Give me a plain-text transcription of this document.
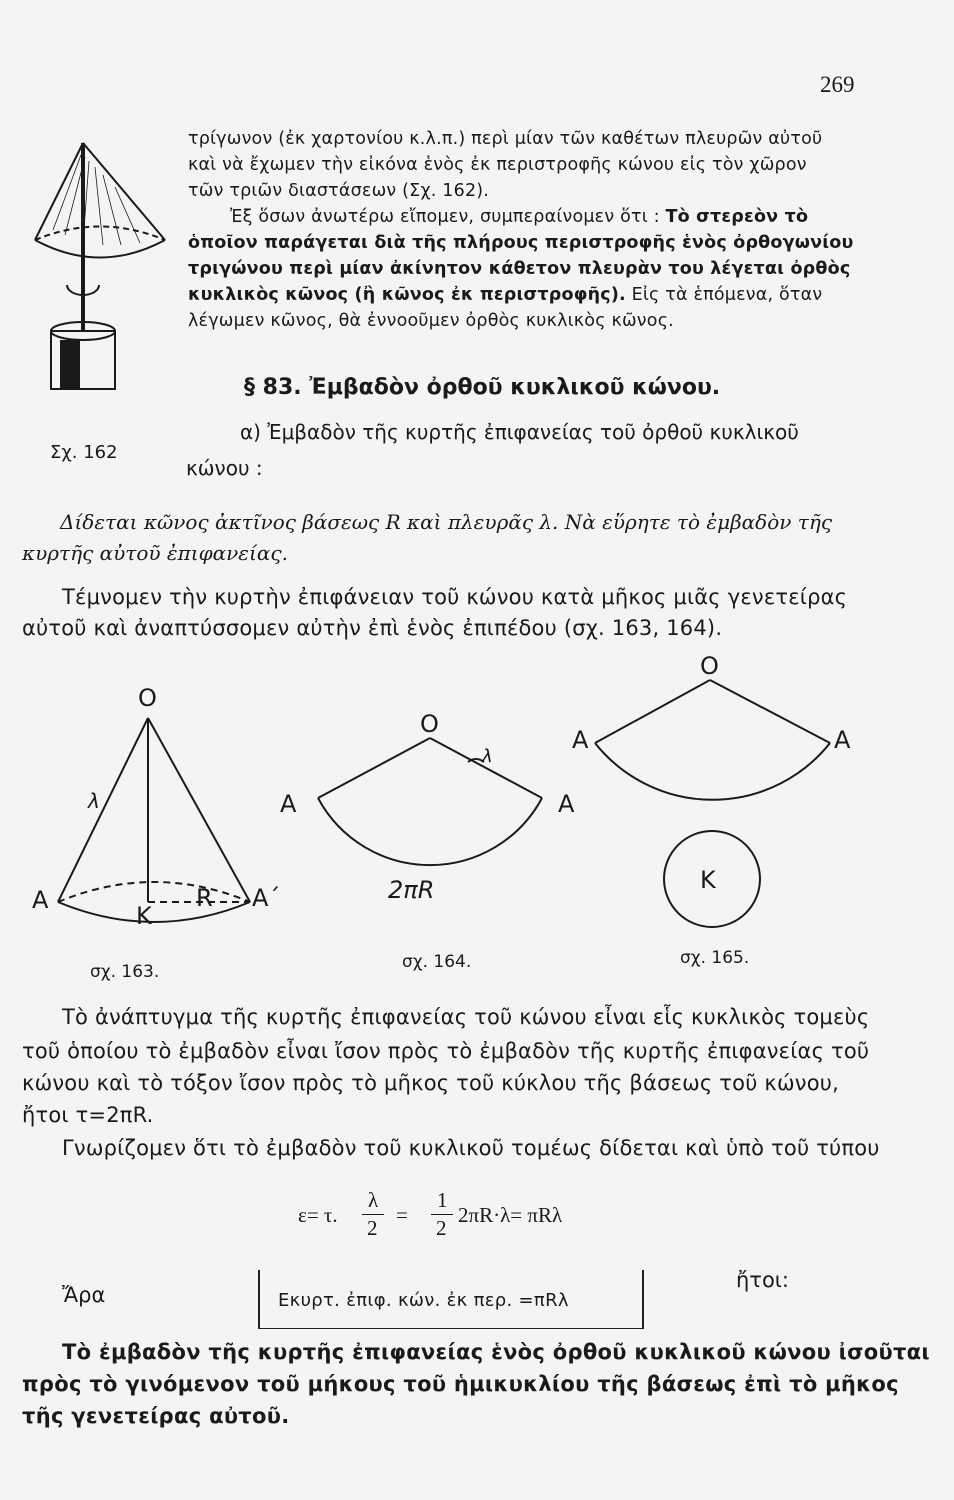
269
τρίγωνον (ἐκ χαρτονίου κ.λ.π.) περὶ μίαν τῶν καθέτων πλευρῶν αὐτοῦ
καὶ νὰ ἔχωμεν τὴν εἰκόνα ἑνὸς ἐκ περιστροφῆς κώνου εἰς τὸν χῶρον
τῶν τριῶν διαστάσεων (Σχ. 162).
Ἐξ ὅσων ἀνωτέρω εἴπομεν, συμπεραίνομεν ὅτι : Τὸ στερεὸν τὸ
ὁποῖον παράγεται διὰ τῆς πλήρους περιστροφῆς ἑνὸς ὀρθογωνίου
τριγώνου περὶ μίαν ἀκίνητον κάθετον πλευρὰν του λέγεται ὀρθὸς
κυκλικὸς κῶνος (ἢ κῶνος ἐκ περιστροφῆς). Εἰς τὰ ἑπόμενα, ὅταν
λέγωμεν κῶνος, θὰ ἐννοοῦμεν ὀρθὸς κυκλικὸς κῶνος.
§ 83. Ἐμβαδὸν ὀρθοῦ κυκλικοῦ κώνου.
α) Ἐμβαδὸν τῆς κυρτῆς ἐπιφανείας τοῦ ὀρθοῦ κυκλικοῦ
κώνου :
Σχ. 162
Δίδεται κῶνος ἀκτῖνος βάσεως R καὶ πλευρᾶς λ. Νὰ εὕρητε τὸ ἐμβαδὸν τῆς
κυρτῆς αὐτοῦ ἐπιφανείας.
Τέμνομεν τὴν κυρτὴν ἐπιφάνειαν τοῦ κώνου κατὰ μῆκος μιᾶς γενετείρας
αὐτοῦ καὶ ἀναπτύσσομεν αὐτὴν ἐπὶ ἑνὸς ἐπιπέδου (σχ. 163, 164).
O
λ
A	A΄
K
R
σχ. 163.
O
A	A
λ
2πR
σχ. 164.
O
A	A
K
σχ. 165.
Τὸ ἀνάπτυγμα τῆς κυρτῆς ἐπιφανείας τοῦ κώνου εἶναι εἷς κυκλικὸς τομεὺς
τοῦ ὁποίου τὸ ἐμβαδὸν εἶναι ἴσον πρὸς τὸ ἐμβαδὸν τῆς κυρτῆς ἐπιφανείας τοῦ
κώνου καὶ τὸ τόξον ἴσον πρὸς τὸ μῆκος τοῦ κύκλου τῆς βάσεως τοῦ κώνου,
ἤτοι τ=2πR.
Γνωρίζομεν ὅτι τὸ ἐμβαδὸν τοῦ κυκλικοῦ τομέως δίδεται καὶ ὑπὸ τοῦ τύπου
ε= τ.
λ
2
=
1
2
2πR·λ= πRλ
Ἄρα	Eκυρτ. ἐπιφ. κών. ἐκ περ. =πRλ
ἤτοι:
Τὸ ἐμβαδὸν τῆς κυρτῆς ἐπιφανείας ἑνὸς ὀρθοῦ κυκλικοῦ κώνου ἰσοῦται
πρὸς τὸ γινόμενον τοῦ μήκους τοῦ ἡμικυκλίου τῆς βάσεως ἐπὶ τὸ μῆκος
τῆς γενετείρας αὐτοῦ.
